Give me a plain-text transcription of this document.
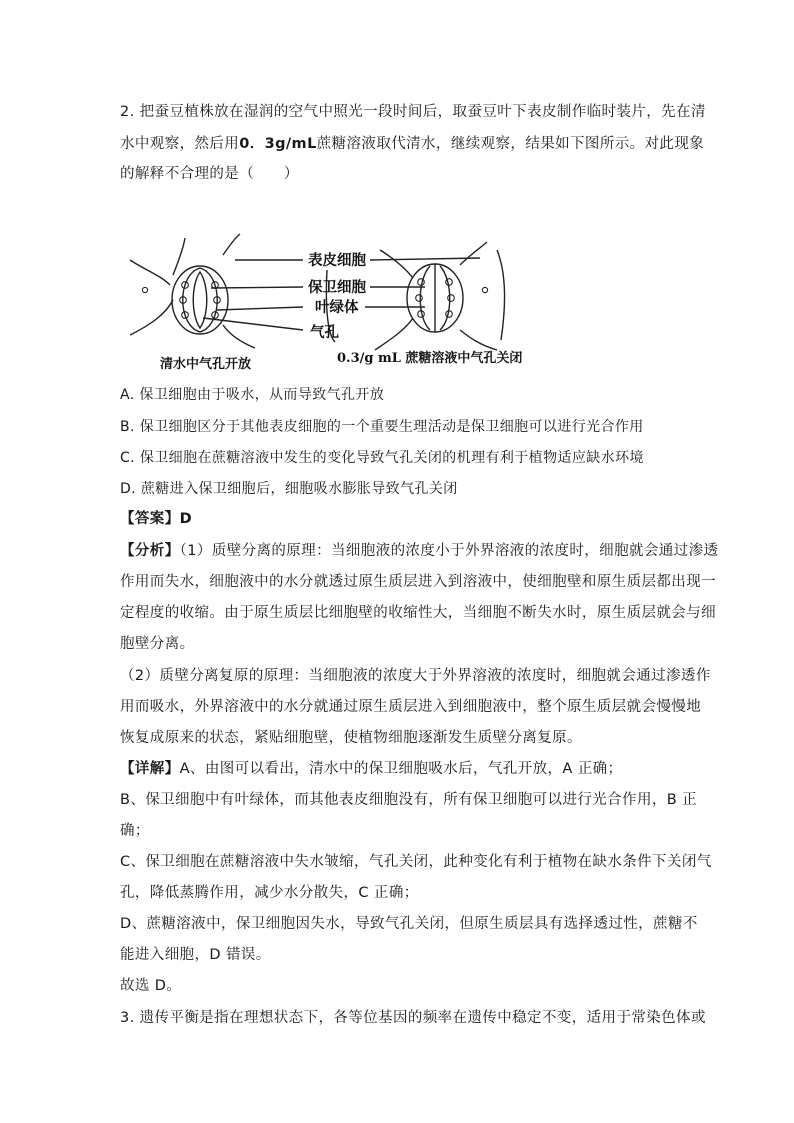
2. 把蚕豆植株放在湿润的空气中照光一段时间后，取蚕豆叶下表皮制作临时装片，先在清
水中观察，然后用0．3g/mL蔗糖溶液取代清水，继续观察，结果如下图所示。对此现象
的解释不合理的是（　　）
表皮细胞
保卫细胞
叶绿体
气孔
清水中气孔开放	0.3/g mL 蔗糖溶液中气孔关闭
A. 保卫细胞由于吸水，从而导致气孔开放
B. 保卫细胞区分于其他表皮细胞的一个重要生理活动是保卫细胞可以进行光合作用
C. 保卫细胞在蔗糖溶液中发生的变化导致气孔关闭的机理有利于植物适应缺水环境
D. 蔗糖进入保卫细胞后，细胞吸水膨胀导致气孔关闭
【答案】D
【分析】（1）质壁分离的原理：当细胞液的浓度小于外界溶液的浓度时，细胞就会通过渗透
作用而失水，细胞液中的水分就透过原生质层进入到溶液中，使细胞壁和原生质层都出现一
定程度的收缩。由于原生质层比细胞壁的收缩性大，当细胞不断失水时，原生质层就会与细
胞壁分离。
（2）质壁分离复原的原理：当细胞液的浓度大于外界溶液的浓度时，细胞就会通过渗透作
用而吸水，外界溶液中的水分就通过原生质层进入到细胞液中，整个原生质层就会慢慢地
恢复成原来的状态，紧贴细胞壁，使植物细胞逐渐发生质壁分离复原。
【详解】A、由图可以看出，清水中的保卫细胞吸水后，气孔开放，A 正确；
B、保卫细胞中有叶绿体，而其他表皮细胞没有，所有保卫细胞可以进行光合作用，B 正
确；
C、保卫细胞在蔗糖溶液中失水皱缩，气孔关闭，此种变化有利于植物在缺水条件下关闭气
孔，降低蒸腾作用，减少水分散失，C 正确；
D、蔗糖溶液中，保卫细胞因失水，导致气孔关闭，但原生质层具有选择透过性，蔗糖不
能进入细胞，D 错误。
故选 D。
3. 遗传平衡是指在理想状态下，各等位基因的频率在遗传中稳定不变，适用于常染色体或
